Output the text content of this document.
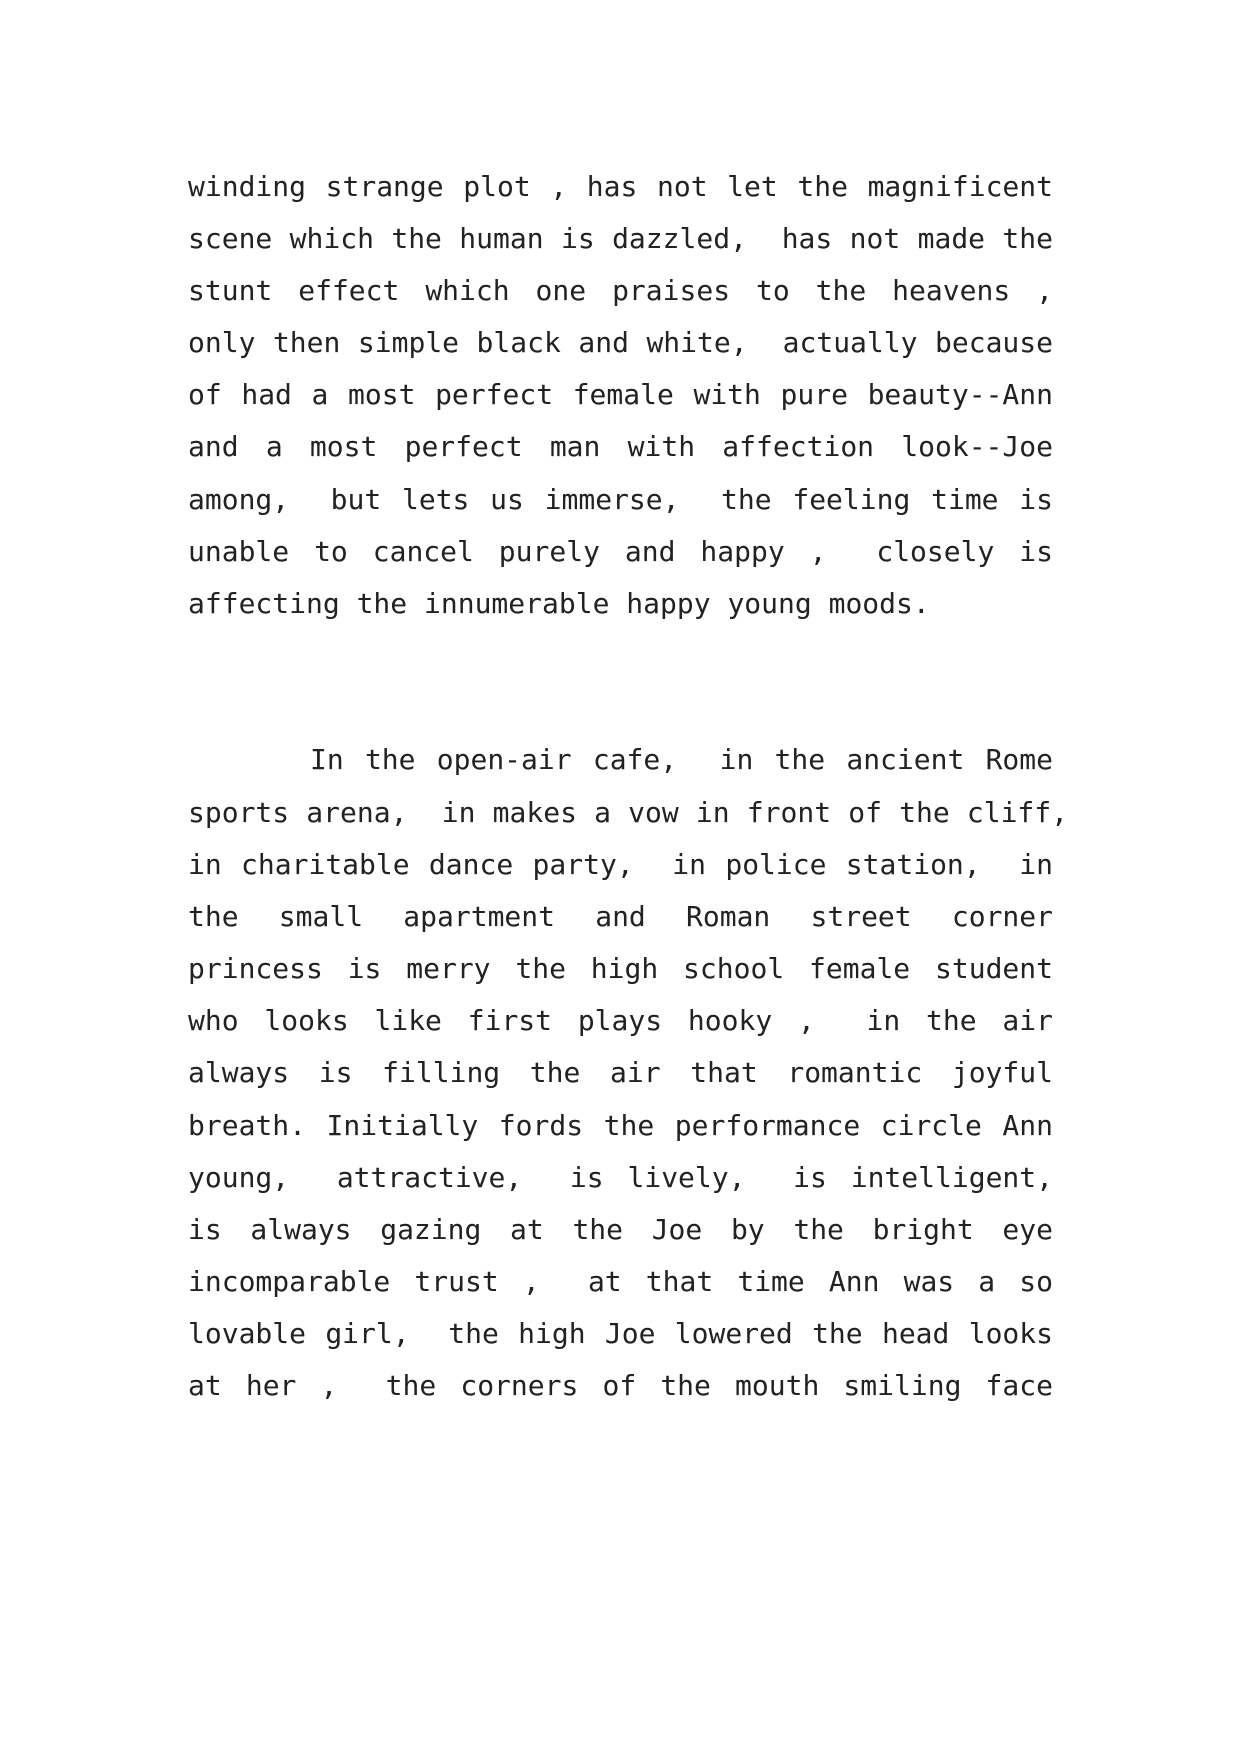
winding strange plot , has not let the magnificent
scene which the human is dazzled,  has not made the
stunt effect which one praises to the heavens ,
only then simple black and white,  actually because
of had a most perfect female with pure beauty--Ann
and a most perfect man with affection look--Joe
among,  but lets us immerse,  the feeling time is
unable to cancel purely and happy ,  closely is
affecting the innumerable happy young moods.
In the open-air cafe,  in the ancient Rome
sports arena,  in makes a vow in front of the cliff,
in charitable dance party,  in police station,  in
the small apartment and Roman street corner
princess is merry the high school female student
who looks like first plays hooky ,  in the air
always is filling the air that romantic joyful
breath. Initially fords the performance circle Ann
young,  attractive,  is lively,  is intelligent,
is always gazing at the Joe by the bright eye
incomparable trust ,  at that time Ann was a so
lovable girl,  the high Joe lowered the head looks
at her ,  the corners of the mouth smiling face
